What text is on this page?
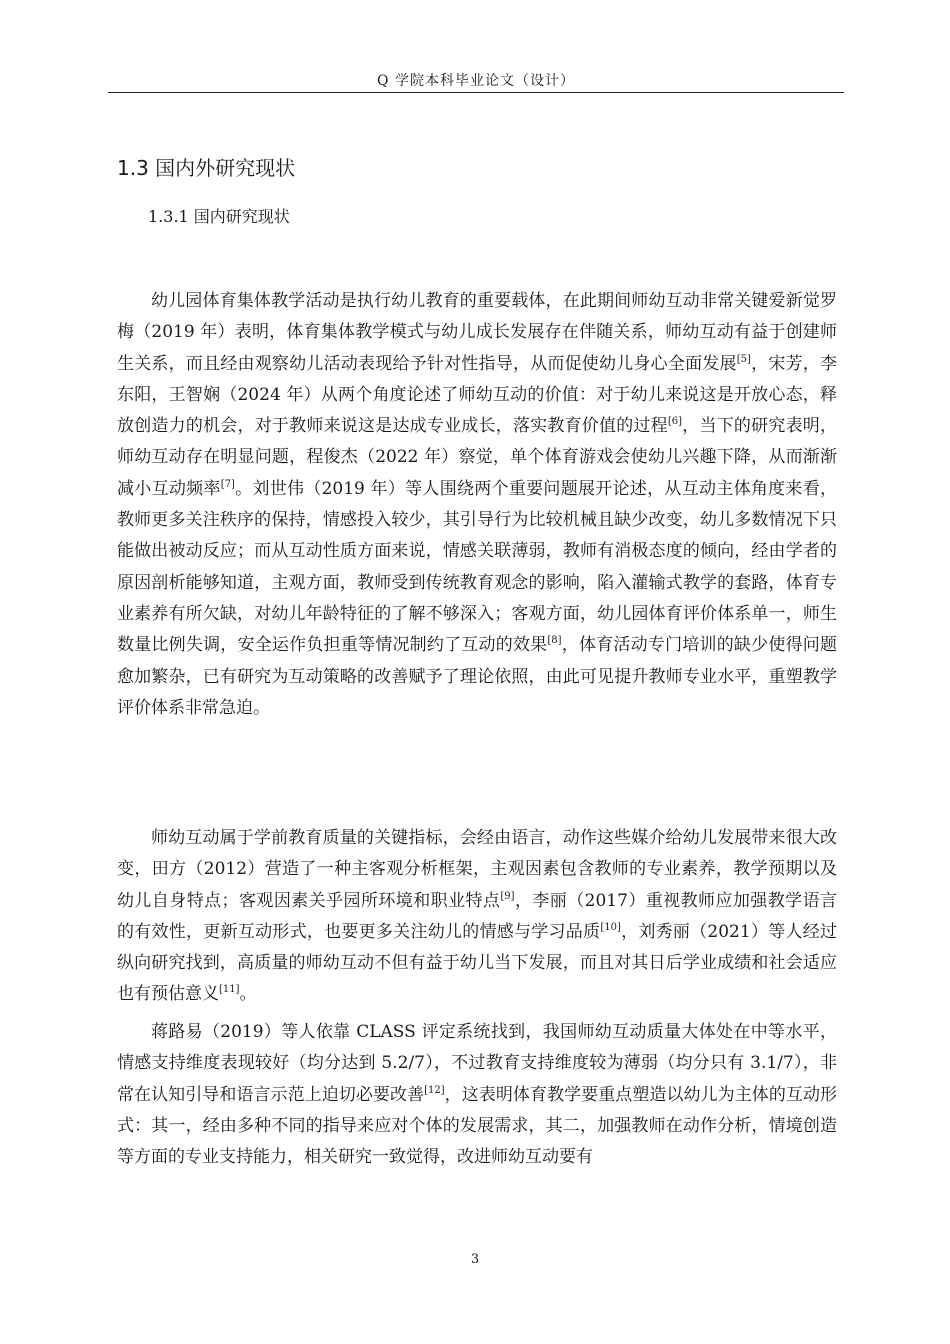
Q 学院本科毕业论文（设计）
1.3 国内外研究现状
1.3.1 国内研究现状

幼儿园体育集体教学活动是执行幼儿教育的重要载体，在此期间师幼互动非常关键爱新觉罗梅（2019 年）表明，体育集体教学模式与幼儿成长发展存在伴随关系，师幼互动有益于创建师生关系，而且经由观察幼儿活动表现给予针对性指导，从而促使幼儿身心全面发展[5]，宋芳，李东阳，王智娴（2024 年）从两个角度论述了师幼互动的价值：对于幼儿来说这是开放心态，释放创造力的机会，对于教师来说这是达成专业成长，落实教育价值的过程[6]，当下的研究表明，师幼互动存在明显问题，程俊杰（2022 年）察觉，单个体育游戏会使幼儿兴趣下降，从而渐渐减小互动频率[7]。刘世伟（2019 年）等人围绕两个重要问题展开论述，从互动主体角度来看，教师更多关注秩序的保持，情感投入较少，其引导行为比较机械且缺少改变，幼儿多数情况下只能做出被动反应；而从互动性质方面来说，情感关联薄弱，教师有消极态度的倾向，经由学者的原因剖析能够知道，主观方面，教师受到传统教育观念的影响，陷入灌输式教学的套路，体育专业素养有所欠缺，对幼儿年龄特征的了解不够深入；客观方面，幼儿园体育评价体系单一，师生数量比例失调，安全运作负担重等情况制约了互动的效果[8]，体育活动专门培训的缺少使得问题愈加繁杂，已有研究为互动策略的改善赋予了理论依照，由此可见提升教师专业水平，重塑教学评价体系非常急迫。

师幼互动属于学前教育质量的关键指标，会经由语言，动作这些媒介给幼儿发展带来很大改变，田方（2012）营造了一种主客观分析框架，主观因素包含教师的专业素养，教学预期以及幼儿自身特点；客观因素关乎园所环境和职业特点[9]，李丽（2017）重视教师应加强教学语言的有效性，更新互动形式，也要更多关注幼儿的情感与学习品质[10]，刘秀丽（2021）等人经过纵向研究找到，高质量的师幼互动不但有益于幼儿当下发展，而且对其日后学业成绩和社会适应也有预估意义[11]。

蒋路易（2019）等人依靠 CLASS 评定系统找到，我国师幼互动质量大体处在中等水平，情感支持维度表现较好（均分达到 5.2/7），不过教育支持维度较为薄弱（均分只有 3.1/7），非常在认知引导和语言示范上迫切必要改善[12]，这表明体育教学要重点塑造以幼儿为主体的互动形式：其一，经由多种不同的指导来应对个体的发展需求，其二，加强教师在动作分析，情境创造等方面的专业支持能力，相关研究一致觉得，改进师幼互动要有

3
